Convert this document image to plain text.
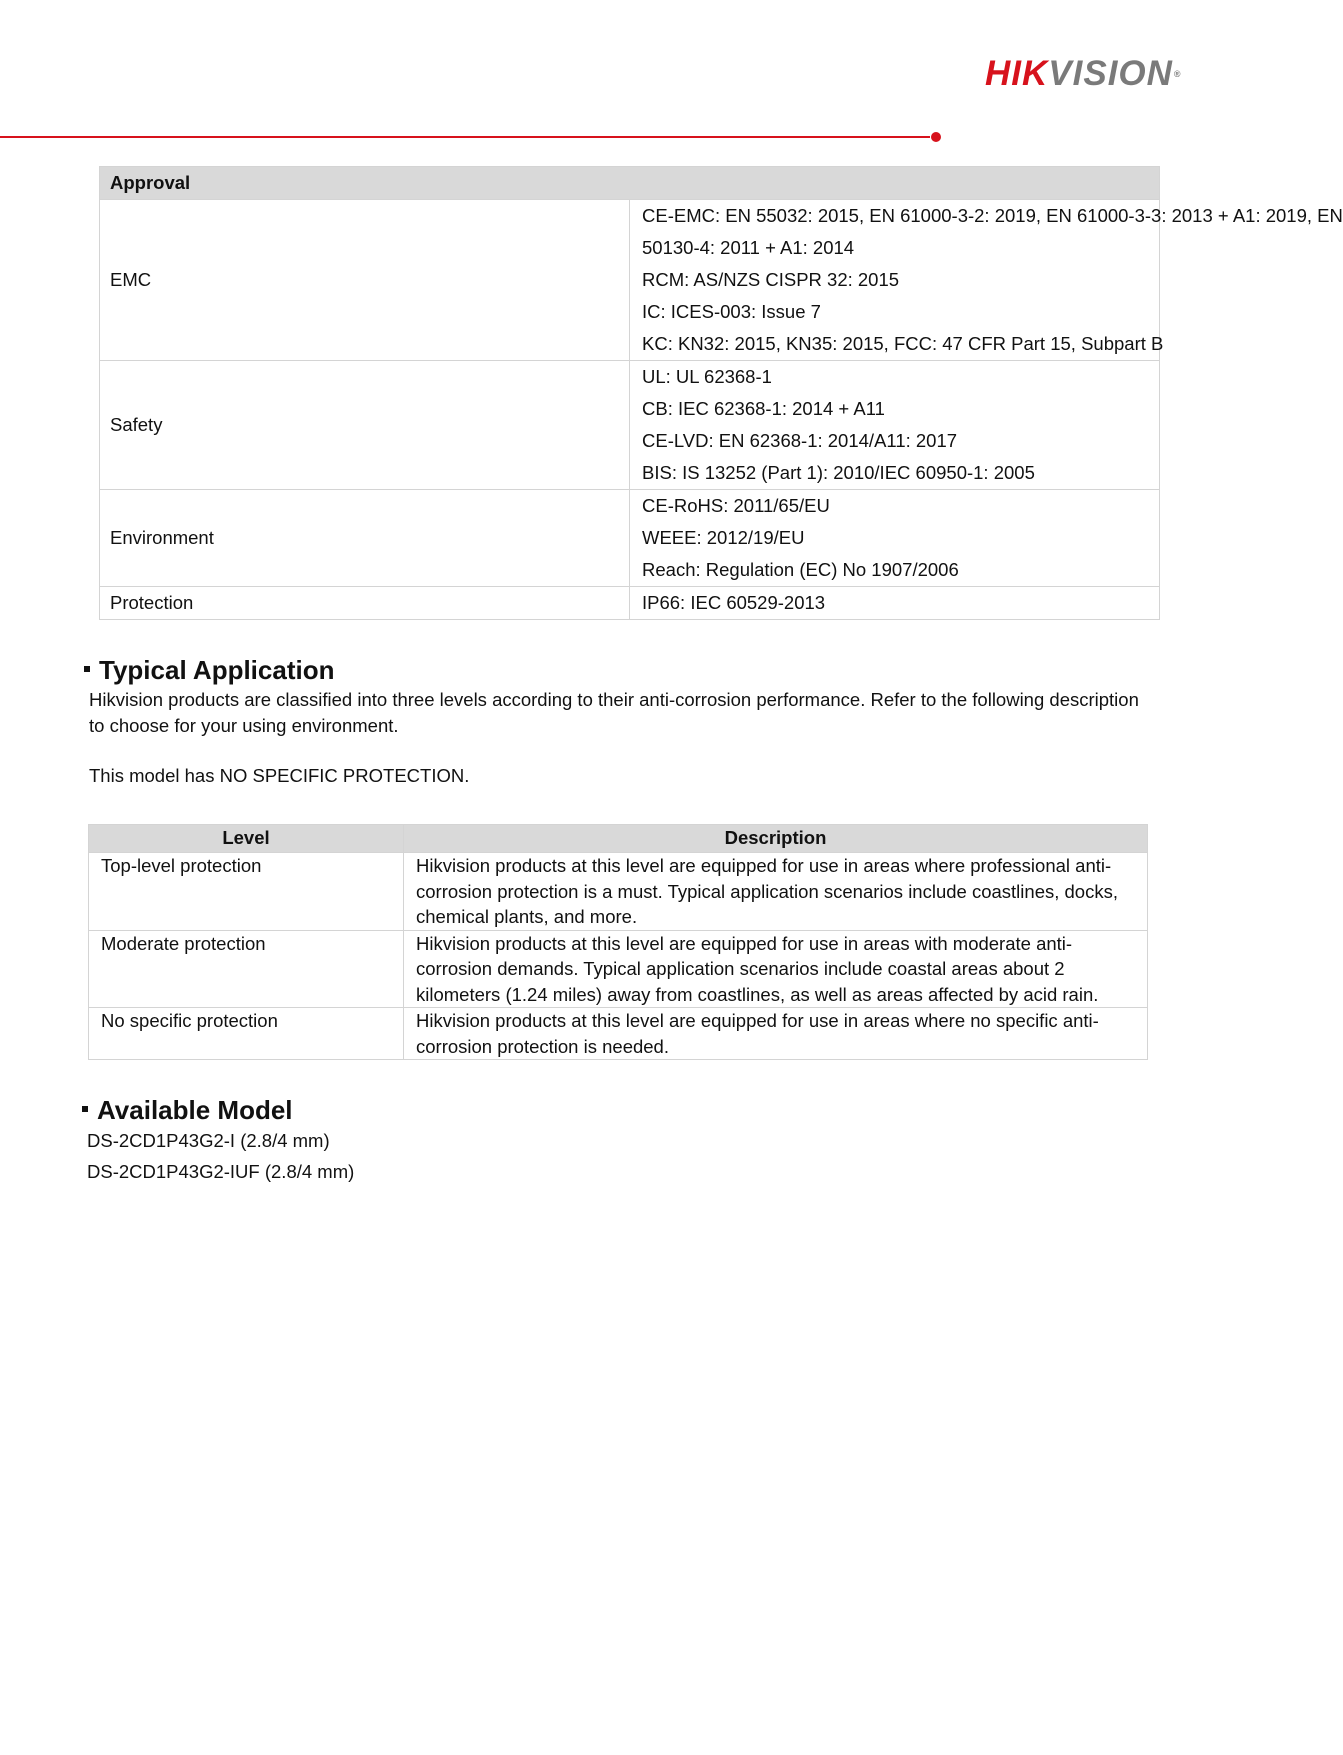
HIKVISION®
Approval	
EMC	CE-EMC: EN 55032: 2015, EN 61000-3-2: 2019, EN 61000-3-3: 2013 + A1: 2019, EN
50130-4: 2011 + A1: 2014
RCM: AS/NZS CISPR 32: 2015
IC: ICES-003: Issue 7
KC: KN32: 2015, KN35: 2015, FCC: 47 CFR Part 15, Subpart B

Safety	UL: UL 62368-1
CB: IEC 62368-1: 2014 + A11
CE-LVD: EN 62368-1: 2014/A11: 2017
BIS: IS 13252 (Part 1): 2010/IEC 60950-1: 2005

Environment	CE-RoHS: 2011/65/EU
WEEE: 2012/19/EU
Reach: Regulation (EC) No 1907/2006

Protection	IP66: IEC 60529-2013
Typical Application
Hikvision products are classified into three levels according to their anti-corrosion performance. Refer to the following description to choose for your using environment.
This model has NO SPECIFIC PROTECTION.
Level	Description
Top-level protection	Hikvision products at this level are equipped for use in areas where professional anti-corrosion protection is a must. Typical application scenarios include coastlines, docks, chemical plants, and more.
Moderate protection	Hikvision products at this level are equipped for use in areas with moderate anti-corrosion demands. Typical application scenarios include coastal areas about 2 kilometers (1.24 miles) away from coastlines, as well as areas affected by acid rain.
No specific protection	Hikvision products at this level are equipped for use in areas where no specific anti-corrosion protection is needed.
Available Model
DS-2CD1P43G2-I (2.8/4 mm)
DS-2CD1P43G2-IUF (2.8/4 mm)
